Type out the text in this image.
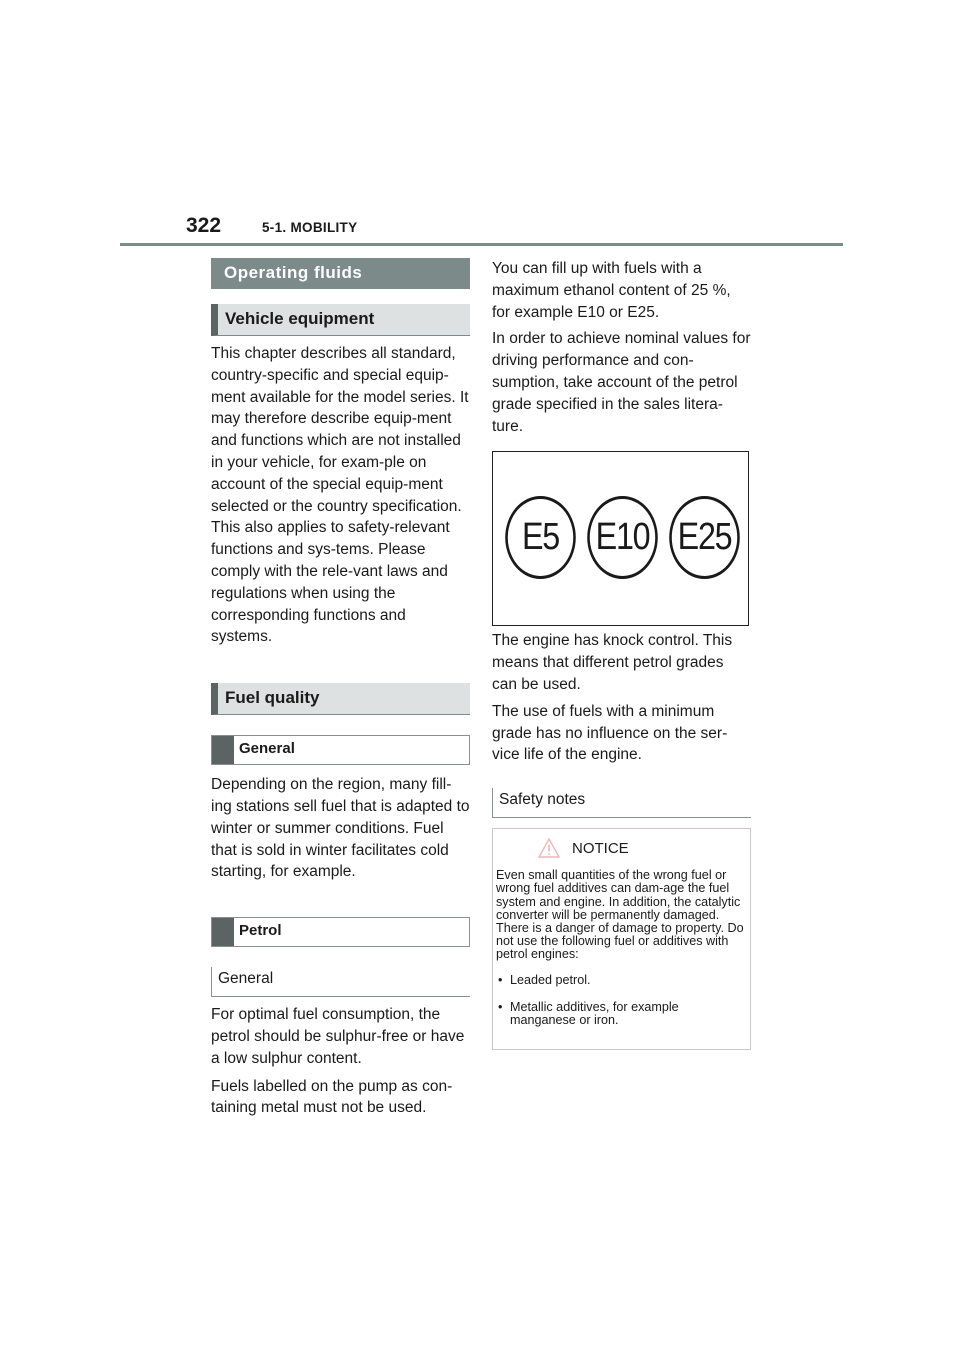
322	5-1. MOBILITY
Operating fluids
Vehicle equipment

This chapter describes all standard, country-specific and special equip-ment available for the model series. It may therefore describe equip-ment and functions which are not installed in your vehicle, for exam-ple on account of the special equip-ment selected or the country specification. This also applies to safety-relevant functions and sys-tems. Please comply with the rele-vant laws and regulations when using the corresponding functions and systems.

Fuel quality
General

Depending on the region, many fill-ing stations sell fuel that is adapted to winter or summer conditions. Fuel that is sold in winter facilitates cold starting, for example.

Petrol
General

For optimal fuel consumption, the petrol should be sulphur-free or have a low sulphur content.

Fuels labelled on the pump as con-taining metal must not be used.

You can fill up with fuels with a maximum ethanol content of 25 %, for example E10 or E25.

In order to achieve nominal values for driving performance and con-sumption, take account of the petrol grade specified in the sales litera-ture.

E5 E10 E25

The engine has knock control. This means that different petrol grades can be used.

The use of fuels with a minimum grade has no influence on the ser-vice life of the engine.

Safety notes
NOTICE

Even small quantities of the wrong fuel or wrong fuel additives can dam-age the fuel system and engine. In addition, the catalytic converter will be permanently damaged. There is a danger of damage to property. Do not use the following fuel or additives with petrol engines:

• Leaded petrol.
• Metallic additives, for example manganese or iron.
